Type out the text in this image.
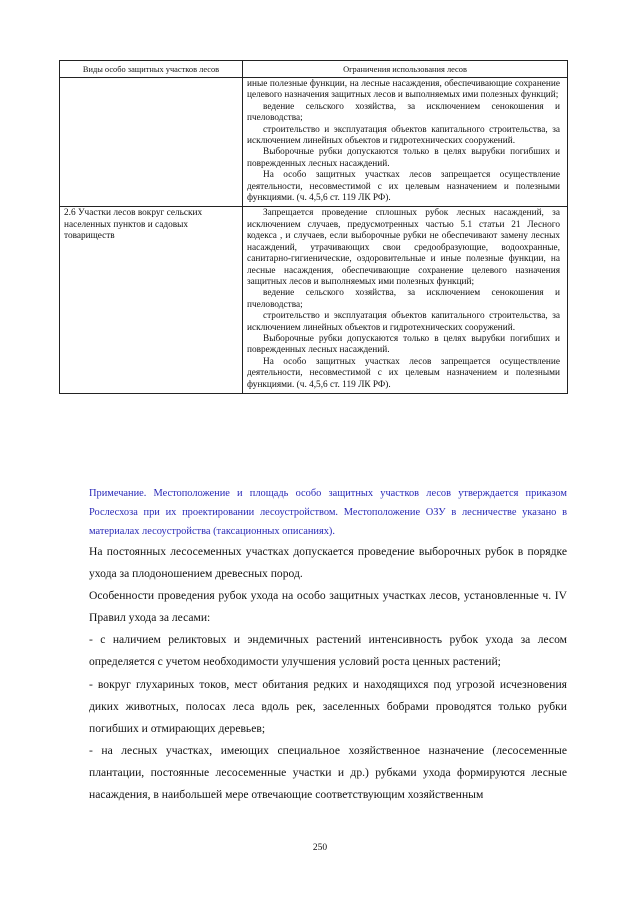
Виды особо защитных участков лесов	Ограничения использования лесов

	иные полезные функции, на лесные насаждения, обеспечивающие сохранение целевого назначения защитных лесов и выполняемых ими полезных функций;

ведение сельского хозяйства, за исключением сенокошения и пчеловодства;

строительство и эксплуатация объектов капитального строительства, за исключением линейных объектов и гидротехнических сооружений.

Выборочные рубки допускаются только в целях вырубки погибших и поврежденных лесных насаждений.

На особо защитных участках лесов запрещается осуществление деятельности, несовместимой с их целевым назначением и полезными функциями. (ч. 4,5,6 ст. 119 ЛК РФ).

2.6 Участки лесов вокруг сельских населенных пунктов и садовых товариществ	Запрещается проведение сплошных рубок лесных насаждений, за исключением случаев, предусмотренных частью 5.1 статьи 21 Лесного кодекса , и случаев, если выборочные рубки не обеспечивают замену лесных насаждений, утрачивающих свои средообразующие, водоохранные, санитарно-гигиенические, оздоровительные и иные полезные функции, на лесные насаждения, обеспечивающие сохранение целевого назначения защитных лесов и выполняемых ими полезных функций;

ведение сельского хозяйства, за исключением сенокошения и пчеловодства;

строительство и эксплуатация объектов капитального строительства, за исключением линейных объектов и гидротехнических сооружений.

Выборочные рубки допускаются только в целях вырубки погибших и поврежденных лесных насаждений.

На особо защитных участках лесов запрещается осуществление деятельности, несовместимой с их целевым назначением и полезными функциями. (ч. 4,5,6 ст. 119 ЛК РФ).

Примечание. Местоположение и площадь особо защитных участков лесов утверждается приказом Рослесхоза при их проектировании лесоустройством. Местоположение ОЗУ в лесничестве указано в материалах лесоустройства (таксационных описаниях).

На постоянных лесосеменных участках допускается проведение выборочных рубок в порядке ухода за плодоношением древесных пород.

Особенности проведения рубок ухода на особо защитных участках лесов, установленные ч. IV Правил ухода за лесами:

- с наличием реликтовых и эндемичных растений интенсивность рубок ухода за лесом определяется с учетом необходимости улучшения условий роста ценных растений;

- вокруг глухариных токов, мест обитания редких и находящихся под угрозой исчезновения диких животных, полосах леса вдоль рек, заселенных бобрами проводятся только рубки погибших и отмирающих деревьев;

- на лесных участках, имеющих специальное хозяйственное назначение (лесосеменные плантации, постоянные лесосеменные участки и др.) рубками ухода формируются лесные насаждения, в наибольшей мере отвечающие соответствующим хозяйственным

250
